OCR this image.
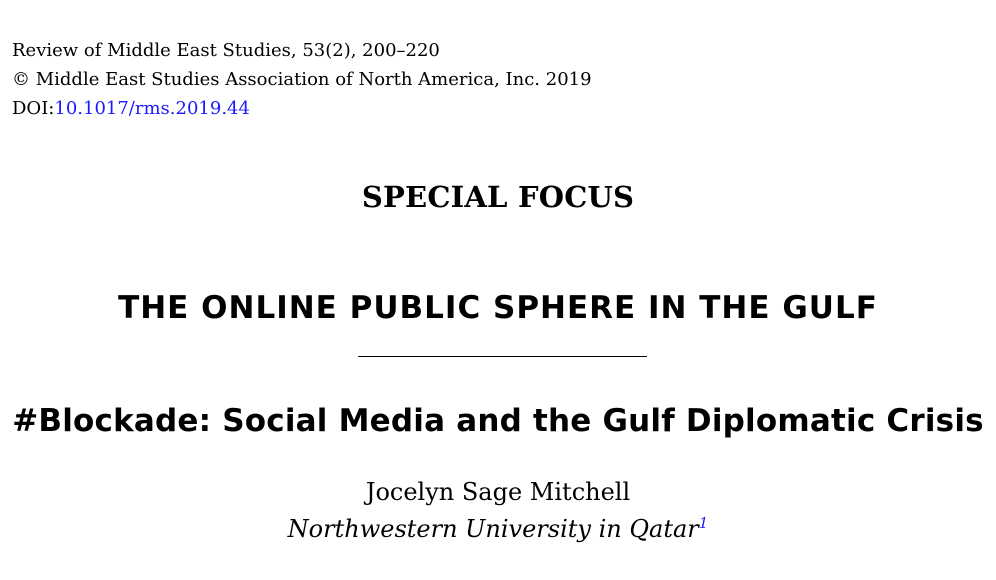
Review of Middle East Studies, 53(2), 200–220
© Middle East Studies Association of North America, Inc. 2019
DOI:10.1017/rms.2019.44
SPECIAL FOCUS
THE ONLINE PUBLIC SPHERE IN THE GULF
#Blockade: Social Media and the Gulf Diplomatic Crisis
Jocelyn Sage Mitchell
Northwestern University in Qatar$^1$
